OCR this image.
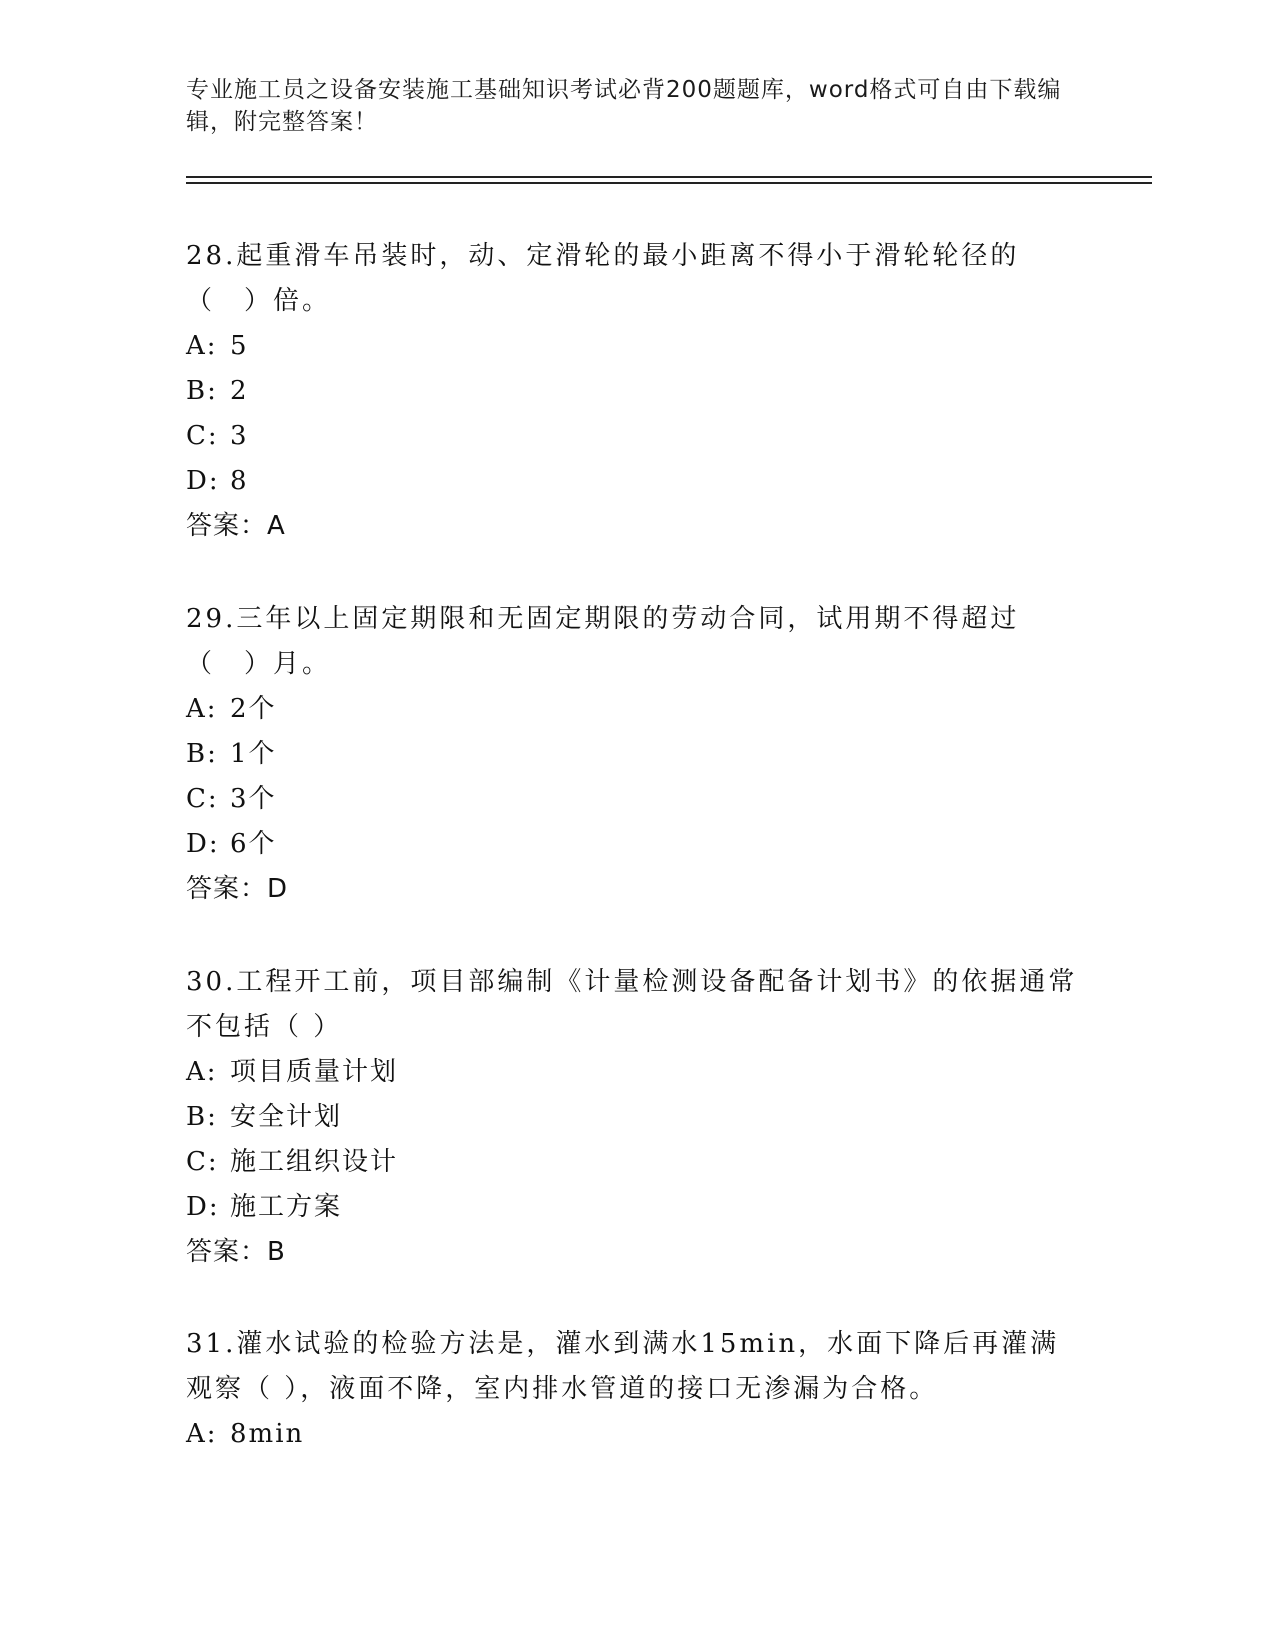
专业施工员之设备安装施工基础知识考试必背200题题库，word格式可自由下载编辑，附完整答案！

28.起重滑车吊装时，动、定滑轮的最小距离不得小于滑轮轮径的（　）倍。

A: 5

B: 2

C: 3

D: 8

答案：A

29.三年以上固定期限和无固定期限的劳动合同，试用期不得超过（　）月。

A: 2个

B: 1个

C: 3个

D: 6个

答案：D

30.工程开工前，项目部编制《计量检测设备配备计划书》的依据通常不包括（ ）

A: 项目质量计划

B: 安全计划

C: 施工组织设计

D: 施工方案

答案：B

31.灌水试验的检验方法是，灌水到满水15min，水面下降后再灌满观察（ ），液面不降，室内排水管道的接口无渗漏为合格。

A: 8min
